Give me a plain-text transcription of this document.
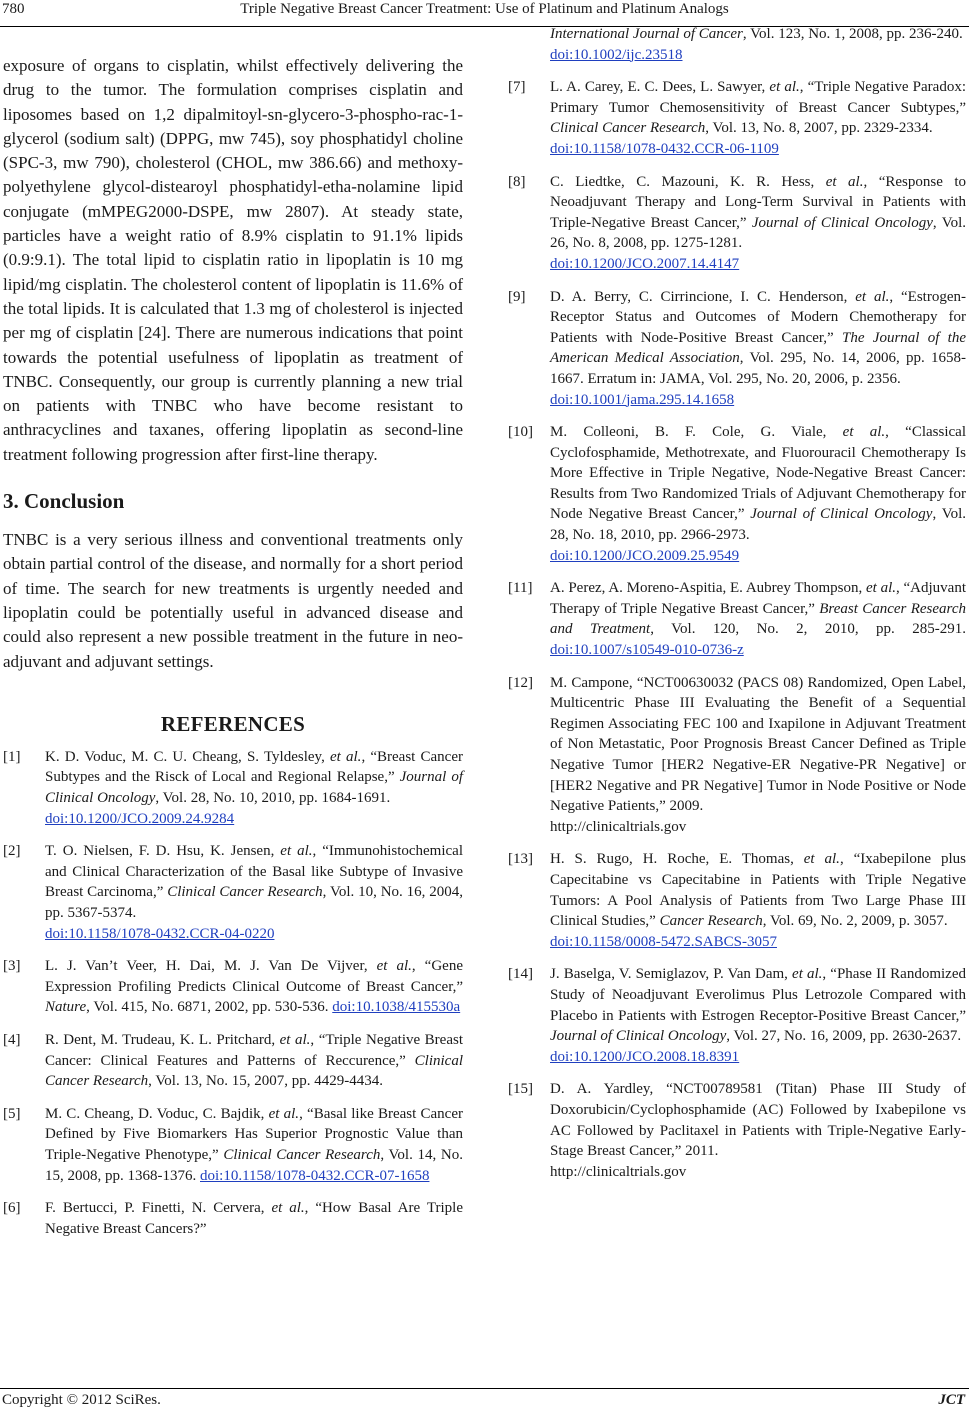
780	Triple Negative Breast Cancer Treatment: Use of Platinum and Platinum Analogs

exposure of organs to cisplatin, whilst effectively delivering the drug to the tumor. The formulation comprises cisplatin and liposomes based on 1,2 dipalmitoyl-sn-glycero-3-phospho-rac-1-glycerol (sodium salt) (DPPG, mw 745), soy phosphatidyl choline (SPC-3, mw 790), cholesterol (CHOL, mw 386.66) and methoxy-polyethylene glycol-distearoyl phosphatidyl-etha-nolamine lipid conjugate (mMPEG2000-DSPE, mw 2807). At steady state, particles have a weight ratio of 8.9% cisplatin to 91.1% lipids (0.9:9.1). The total lipid to cisplatin ratio in lipoplatin is 10 mg lipid/mg cisplatin. The cholesterol content of lipoplatin is 11.6% of the total lipids. It is calculated that 1.3 mg of cholesterol is injected per mg of cisplatin [24]. There are numerous indications that point towards the potential usefulness of lipoplatin as treatment of TNBC. Consequently, our group is currently planning a new trial on patients with TNBC who have become resistant to anthracyclines and taxanes, offering lipoplatin as second-line treatment following progression after first-line therapy.

3. Conclusion

TNBC is a very serious illness and conventional treatments only obtain partial control of the disease, and normally for a short period of time. The search for new treatments is urgently needed and lipoplatin could be potentially useful in advanced disease and could also represent a new possible treatment in the future in neo-adjuvant and adjuvant settings.

REFERENCES
[1]	K. D. Voduc, M. C. U. Cheang, S. Tyldesley, et al., “Breast Cancer Subtypes and the Risck of Local and Regional Relapse,” Journal of Clinical Oncology, Vol. 28, No. 10, 2010, pp. 1684-1691.
doi:10.1200/JCO.2009.24.9284
[2]	T. O. Nielsen, F. D. Hsu, K. Jensen, et al., “Immunohistochemical and Clinical Characterization of the Basal like Subtype of Invasive Breast Carcinoma,” Clinical Cancer Research, Vol. 10, No. 16, 2004, pp. 5367-5374.
doi:10.1158/1078-0432.CCR-04-0220
[3]	L. J. Van’t Veer, H. Dai, M. J. Van De Vijver, et al., “Gene Expression Profiling Predicts Clinical Outcome of Breast Cancer,” Nature, Vol. 415, No. 6871, 2002, pp. 530-536. doi:10.1038/415530a
[4]	R. Dent, M. Trudeau, K. L. Pritchard, et al., “Triple Negative Breast Cancer: Clinical Features and Patterns of Reccurence,” Clinical Cancer Research, Vol. 13, No. 15, 2007, pp. 4429-4434.
[5]	M. C. Cheang, D. Voduc, C. Bajdik, et al., “Basal like Breast Cancer Defined by Five Biomarkers Has Superior Prognostic Value than Triple-Negative Phenotype,” Clinical Cancer Research, Vol. 14, No. 15, 2008, pp. 1368-1376. doi:10.1158/1078-0432.CCR-07-1658
[6]	F. Bertucci, P. Finetti, N. Cervera, et al., “How Basal Are Triple Negative Breast Cancers?”
International Journal of Cancer, Vol. 123, No. 1, 2008, pp. 236-240.
doi:10.1002/ijc.23518
[7]	L. A. Carey, E. C. Dees, L. Sawyer, et al., “Triple Negative Paradox: Primary Tumor Chemosensitivity of Breast Cancer Subtypes,” Clinical Cancer Research, Vol. 13, No. 8, 2007, pp. 2329-2334.
doi:10.1158/1078-0432.CCR-06-1109
[8]	C. Liedtke, C. Mazouni, K. R. Hess, et al., “Response to Neoadjuvant Therapy and Long-Term Survival in Patients with Triple-Negative Breast Cancer,” Journal of Clinical Oncology, Vol. 26, No. 8, 2008, pp. 1275-1281.
doi:10.1200/JCO.2007.14.4147
[9]	D. A. Berry, C. Cirrincione, I. C. Henderson, et al., “Estrogen-Receptor Status and Outcomes of Modern Chemotherapy for Patients with Node-Positive Breast Cancer,” The Journal of the American Medical Association, Vol. 295, No. 14, 2006, pp. 1658-1667. Erratum in: JAMA, Vol. 295, No. 20, 2006, p. 2356.
doi:10.1001/jama.295.14.1658
[10]	M. Colleoni, B. F. Cole, G. Viale, et al., “Classical Cyclofosphamide, Methotrexate, and Fluorouracil Chemotherapy Is More Effective in Triple Negative, Node-Negative Breast Cancer: Results from Two Randomized Trials of Adjuvant Chemotherapy for Node Negative Breast Cancer,” Journal of Clinical Oncology, Vol. 28, No. 18, 2010, pp. 2966-2973.
doi:10.1200/JCO.2009.25.9549
[11]	A. Perez, A. Moreno-Aspitia, E. Aubrey Thompson, et al., “Adjuvant Therapy of Triple Negative Breast Cancer,” Breast Cancer Research and Treatment, Vol. 120, No. 2, 2010, pp. 285-291. doi:10.1007/s10549-010-0736-z
[12]	M. Campone, “NCT00630032 (PACS 08) Randomized, Open Label, Multicentric Phase III Evaluating the Benefit of a Sequential Regimen Associating FEC 100 and Ixapilone in Adjuvant Treatment of Non Metastatic, Poor Prognosis Breast Cancer Defined as Triple Negative Tumor [HER2 Negative-ER Negative-PR Negative] or [HER2 Negative and PR Negative] Tumor in Node Positive or Node Negative Patients,” 2009.
http://clinicaltrials.gov
[13]	H. S. Rugo, H. Roche, E. Thomas, et al., “Ixabepilone plus Capecitabine vs Capecitabine in Patients with Triple Negative Tumors: A Pool Analysis of Patients from Two Large Phase III Clinical Studies,” Cancer Research, Vol. 69, No. 2, 2009, p. 3057.
doi:10.1158/0008-5472.SABCS-3057
[14]	J. Baselga, V. Semiglazov, P. Van Dam, et al., “Phase II Randomized Study of Neoadjuvant Everolimus Plus Letrozole Compared with Placebo in Patients with Estrogen Receptor-Positive Breast Cancer,” Journal of Clinical Oncology, Vol. 27, No. 16, 2009, pp. 2630-2637.
doi:10.1200/JCO.2008.18.8391
[15]	D. A. Yardley, “NCT00789581 (Titan) Phase III Study of Doxorubicin/Cyclophosphamide (AC) Followed by Ixabepilone vs AC Followed by Paclitaxel in Patients with Triple-Negative Early-Stage Breast Cancer,” 2011.
http://clinicaltrials.gov
Copyright © 2012 SciRes.	JCT
